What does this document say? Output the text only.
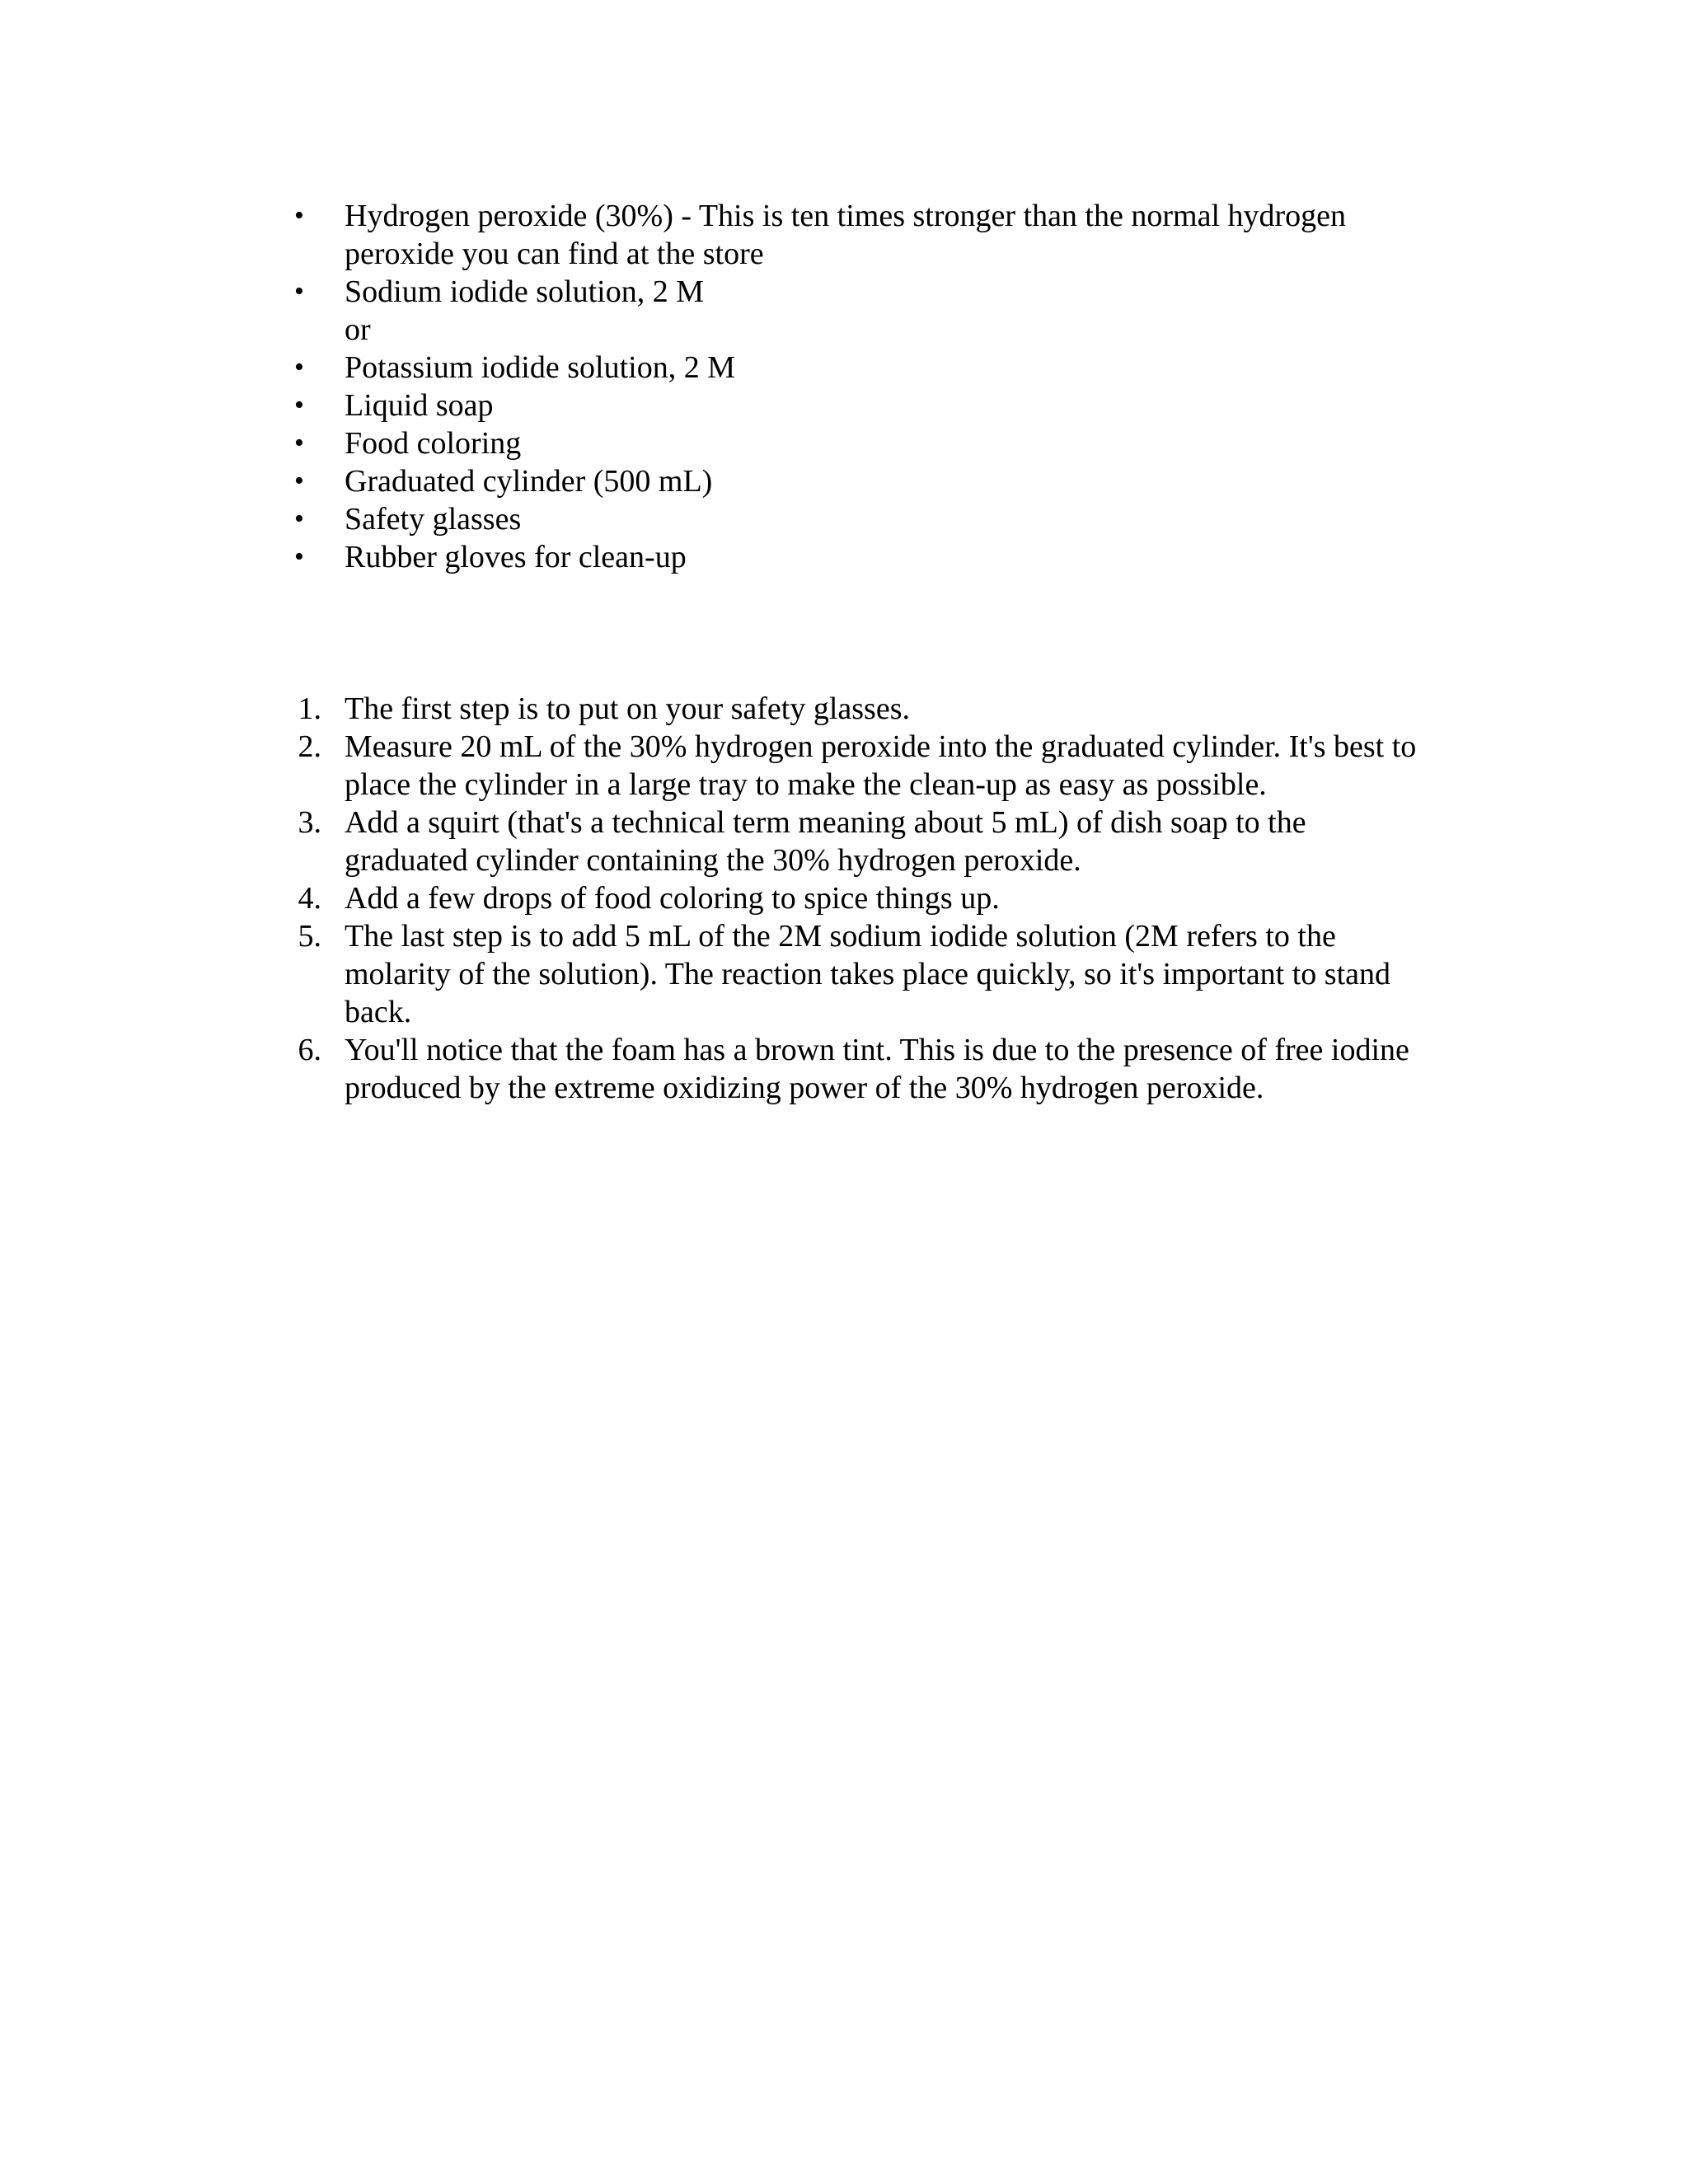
• Hydrogen peroxide (30%) - This is ten times stronger than the normal hydrogen peroxide you can find at the store
• Sodium iodide solution, 2 M
or
• Potassium iodide solution, 2 M
• Liquid soap
• Food coloring
• Graduated cylinder (500 mL)
• Safety glasses
• Rubber gloves for clean-up
1. The first step is to put on your safety glasses.
2. Measure 20 mL of the 30% hydrogen peroxide into the graduated cylinder. It's best to place the cylinder in a large tray to make the clean-up as easy as possible.
3. Add a squirt (that's a technical term meaning about 5 mL) of dish soap to the graduated cylinder containing the 30% hydrogen peroxide.
4. Add a few drops of food coloring to spice things up.
5. The last step is to add 5 mL of the 2M sodium iodide solution (2M refers to the molarity of the solution). The reaction takes place quickly, so it's important to stand back.
6. You'll notice that the foam has a brown tint. This is due to the presence of free iodine produced by the extreme oxidizing power of the 30% hydrogen peroxide.
